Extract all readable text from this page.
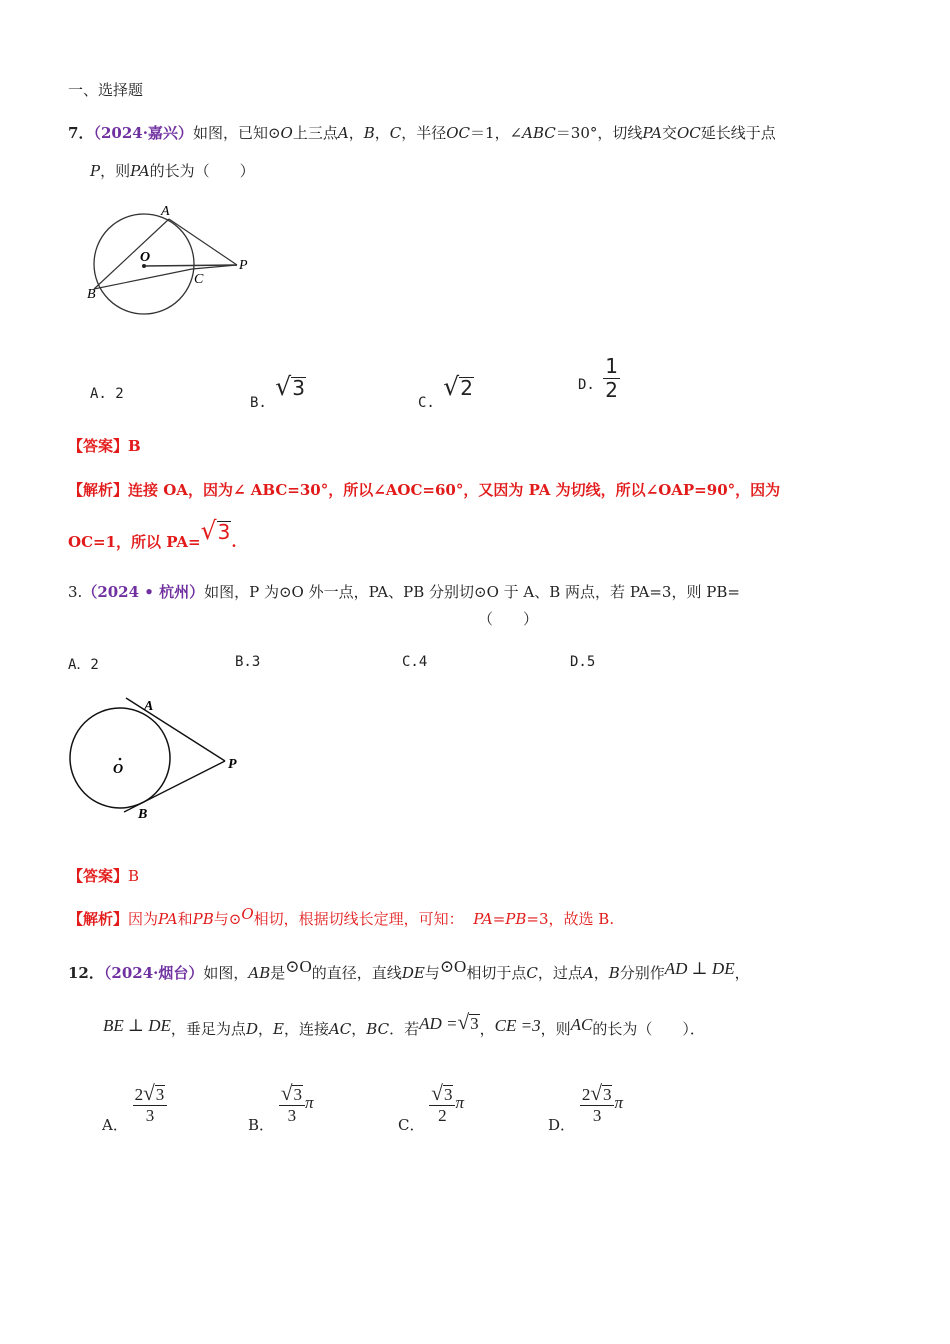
一、选择题
7．（2024·嘉兴）如图，已知⊙O上三点A，B，C，半径OC＝1，∠ABC＝30°，切线PA交OC延长线于点
P，则PA的长为（　　）
A
O
C
P
B
A. 2
B.
√ 3
C.
√ 2	D. $\frac{1}{2}$
【答案】B
【解析】连接 OA，因为∠ ABC=30°，所以∠AOC=60°，又因为 PA 为切线，所以∠OAP=90°，因为
OC=1，所以 PA= √ 3 .
3.（2024 • 杭州）如图，P 为⊙O 外一点，PA、PB 分别切⊙O 于 A、B 两点，若 PA=3，则 PB=
（　　）
A．2	B.3	C.4	D.5
A
O	P
B
【答案】B
【解析】因为PA和PB与⊙O相切，根据切线长定理，可知： PA=PB=3，故选 B.
12．（2024·烟台）如图，AB是⊙O的直径，直线DE与⊙O相切于点C，过点A，B分别作AD ⊥ DE，
BE ⊥ DE，垂足为点D，E，连接AC，BC．若AD = √ 3 ，CE =3，则AC的长为（　　）．
A． $\frac{2 √ 3}{3}$	B． $\frac{√ 3}{3}$ π
C． $\frac{√ 3}{2}$ π
D． $\frac{2 √ 3}{3}$ π
